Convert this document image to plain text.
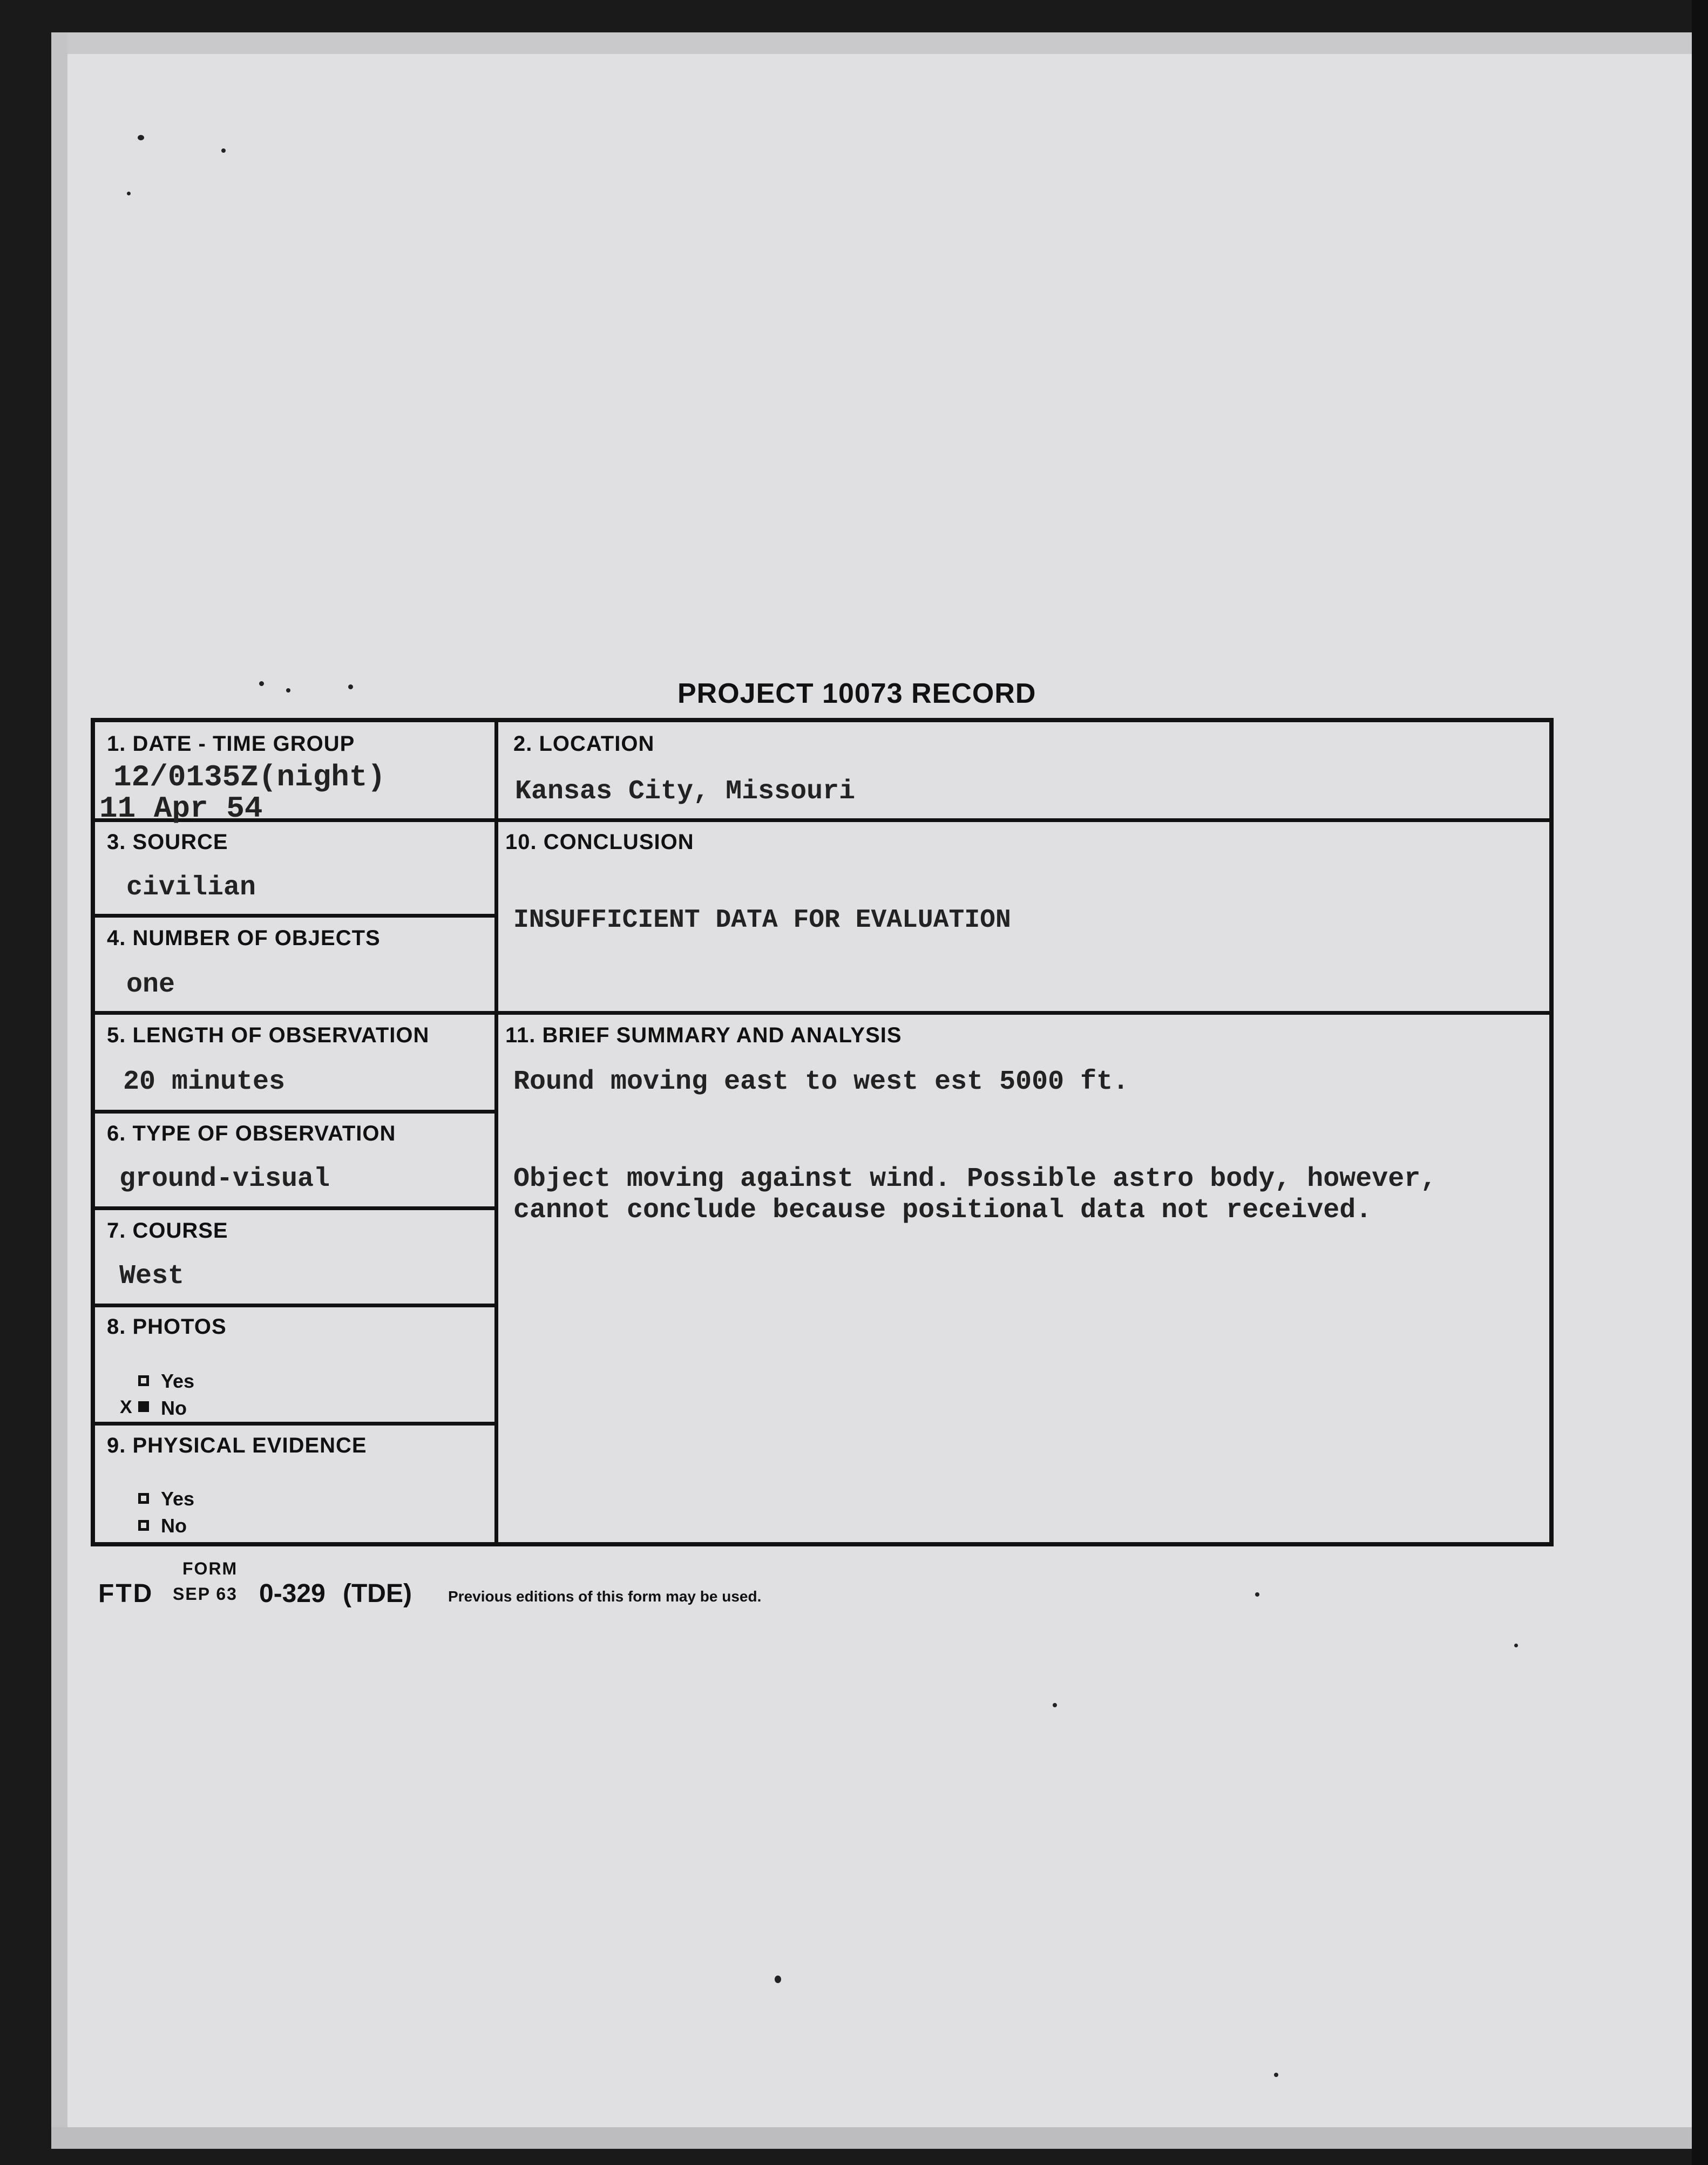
PROJECT 10073 RECORD
1. DATE - TIME GROUP
12/0135Z(night)
11 Apr 54
2. LOCATION
Kansas City, Missouri
3. SOURCE
civilian
4. NUMBER OF OBJECTS
one
10. CONCLUSION
INSUFFICIENT DATA FOR EVALUATION
5. LENGTH OF OBSERVATION
20 minutes
11. BRIEF SUMMARY AND ANALYSIS
Round moving east to west est 5000 ft.
Object moving against wind. Possible astro body, however,
cannot conclude because positional data not received.
6. TYPE OF OBSERVATION
ground-visual
7. COURSE
West
8. PHOTOS
Yes
X No
9. PHYSICAL EVIDENCE
Yes
No
FORM
FTD SEP 63 0-329 (TDE) Previous editions of this form may be used.
